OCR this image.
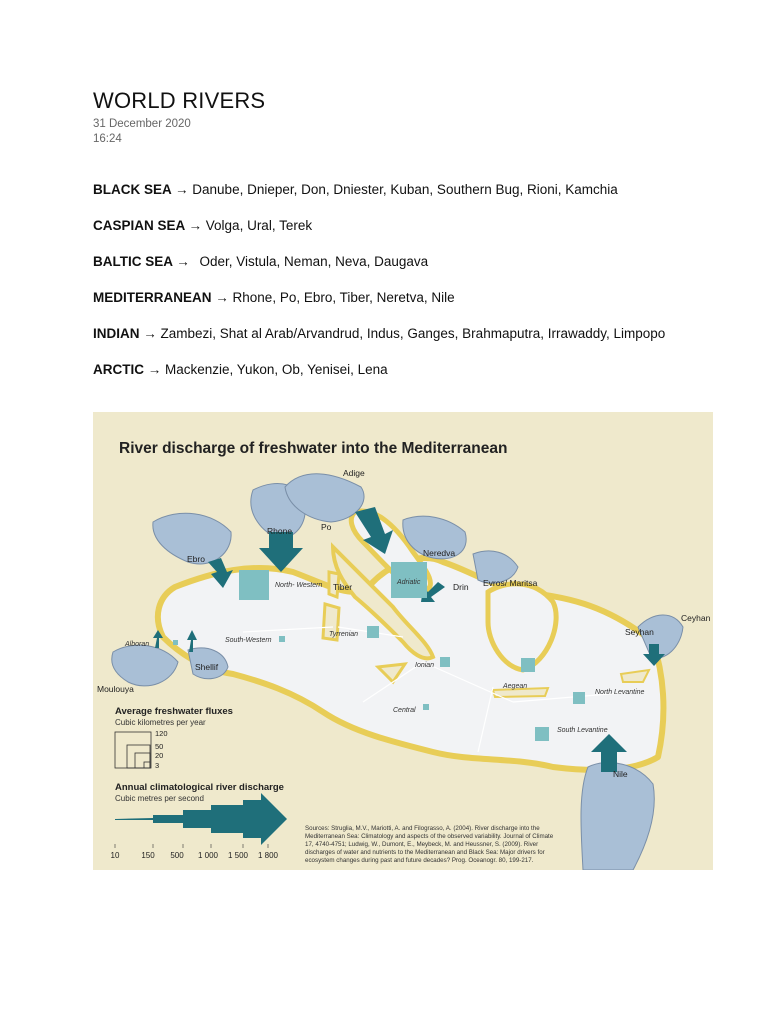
WORLD RIVERS
31 December 2020
16:24

BLACK SEA → Danube, Dnieper, Don, Dniester, Kuban, Southern Bug, Rioni, Kamchia

CASPIAN SEA → Volga, Ural, Terek

BALTIC SEA → Oder, Vistula, Neman, Neva, Daugava

MEDITERRANEAN → Rhone, Po, Ebro, Tiber, Neretva, Nile

INDIAN → Zambezi, Shat al Arab/Arvandrud, Indus, Ganges, Brahmaputra, Irrawaddy, Limpopo

ARCTIC → Mackenzie, Yukon, Ob, Yenisei, Lena

River discharge of freshwater into the Mediterranean
Adige
Po
Rhone
Ebro
Neredva
Drin Evros/ Maritsa
Tiber
Seyhan
Ceyhan
Shellif
Moulouya
Nile
North- Western	Adriatic
Alboran
South-Western
Tyrrenian
Ionian
Aegean
North Levantine
Central
South Levantine
Average freshwater fluxes
Cubic kilometres per year
120
50
20
3
Annual climatological river discharge
Cubic metres per second
10	150 500 1 000 1 500 1 800
Sources: Struglia, M.V., Mariotti, A. and Filograsso, A. (2004). River discharge into the
Mediterranean Sea: Climatology and aspects of the observed variability. Journal of Climate
17, 4740-4751; Ludwig, W., Dumont, E., Meybeck, M. and Heussner, S. (2009). River
discharges of water and nutrients to the Mediterranean and Black Sea: Major drivers for
ecosystem changes during past and future decades? Prog. Oceanogr. 80, 199-217.
